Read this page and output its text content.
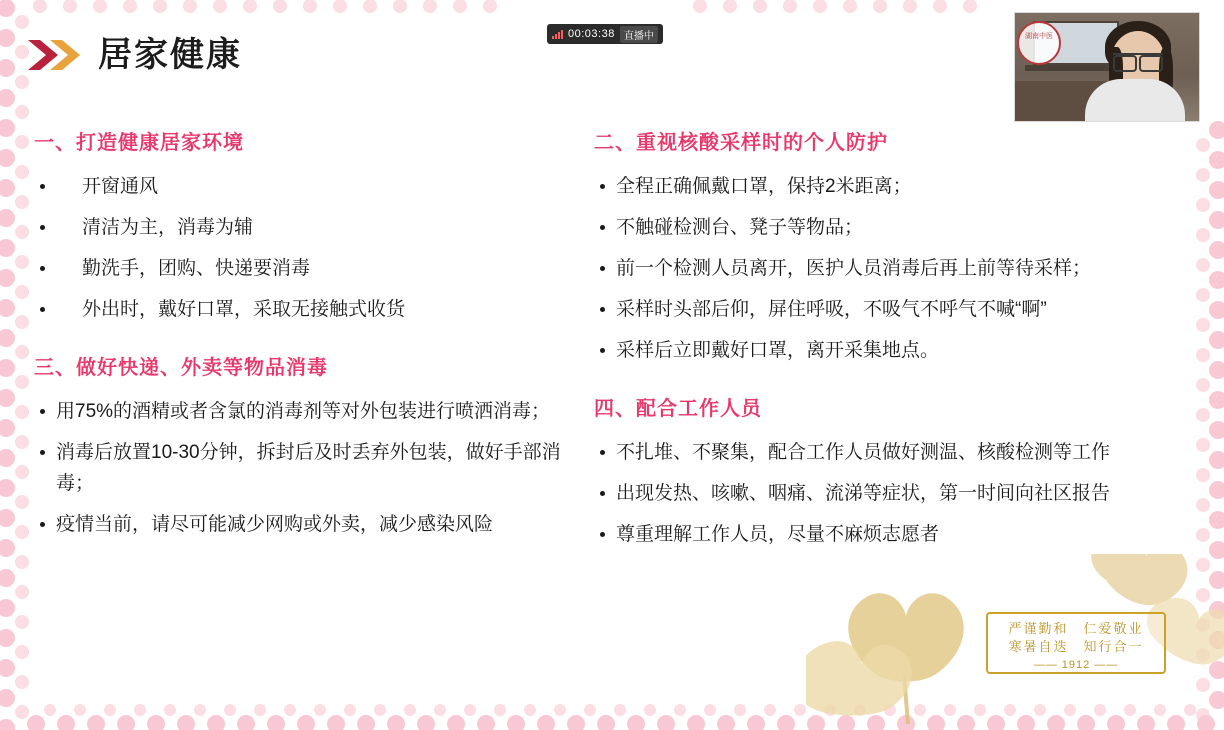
居家健康
一、打造健康居家环境
开窗通风
清洁为主，消毒为辅
勤洗手，团购、快递要消毒
外出时，戴好口罩，采取无接触式收货
三、做好快递、外卖等物品消毒
用75%的酒精或者含氯的消毒剂等对外包装进行喷洒消毒；
消毒后放置10-30分钟，拆封后及时丢弃外包装，做好手部消毒；
疫情当前，请尽可能减少网购或外卖，减少感染风险
二、重视核酸采样时的个人防护
全程正确佩戴口罩，保持2米距离；
不触碰检测台、凳子等物品；
前一个检测人员离开，医护人员消毒后再上前等待采样；
采样时头部后仰，屏住呼吸，不吸气不呼气不喊“啊”
采样后立即戴好口罩，离开采集地点。
四、配合工作人员
不扎堆、不聚集，配合工作人员做好测温、核酸检测等工作
出现发热、咳嗽、咽痛、流涕等症状，第一时间向社区报告
尊重理解工作人员，尽量不麻烦志愿者
严谨勤和　仁爱敬业
寒暑自迭　知行合一
—— 1912 ——
00:03:38 直播中	湖南中医
